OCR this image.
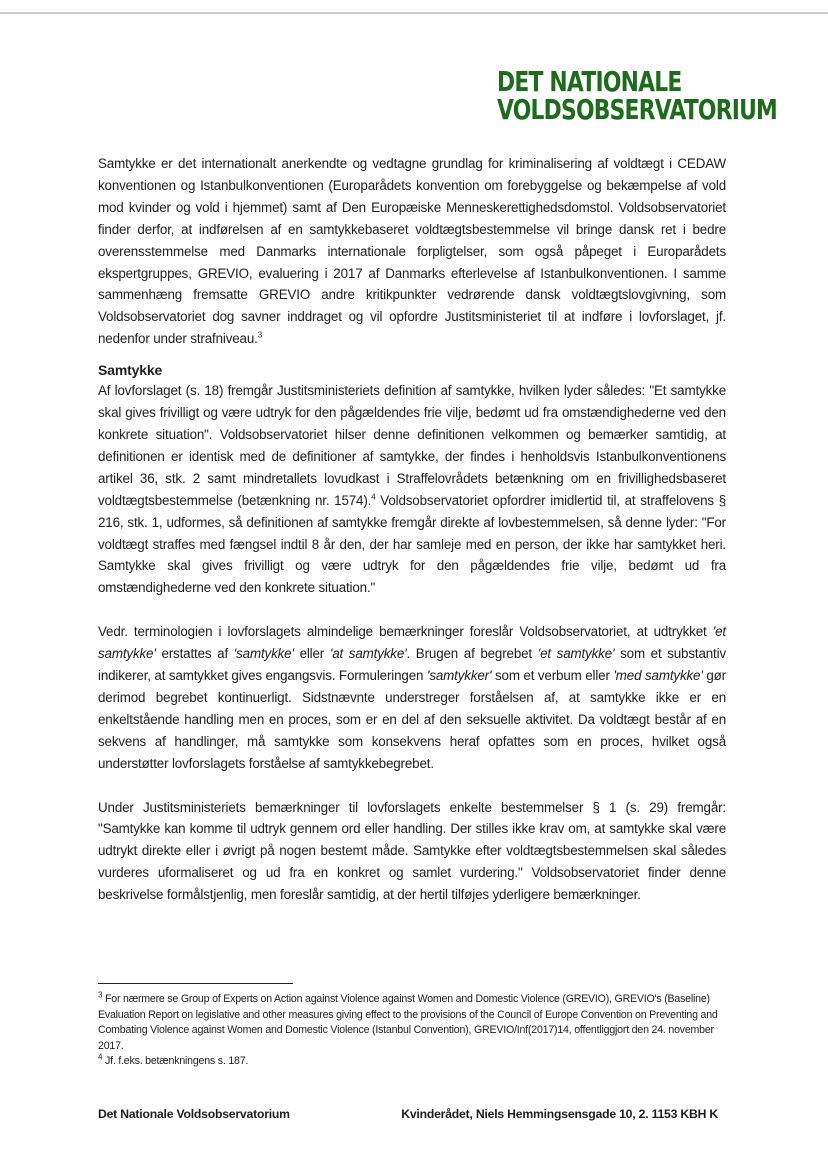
DET NATIONALE
VOLDSOBSERVATORIUM

Samtykke er det internationalt anerkendte og vedtagne grundlag for kriminalisering af voldtægt i CEDAW konventionen og Istanbulkonventionen (Europarådets konvention om forebyggelse og bekæmpelse af vold mod kvinder og vold i hjemmet) samt af Den Europæiske Menneskerettighedsdomstol. Voldsobservatoriet finder derfor, at indførelsen af en samtykkebaseret voldtægtsbestemmelse vil bringe dansk ret i bedre overensstemmelse med Danmarks internationale forpligtelser, som også påpeget i Europarådets ekspertgruppes, GREVIO, evaluering i 2017 af Danmarks efterlevelse af Istanbulkonventionen. I samme sammenhæng fremsatte GREVIO andre kritikpunkter vedrørende dansk voldtægtslovgivning, som Voldsobservatoriet dog savner inddraget og vil opfordre Justitsministeriet til at indføre i lovforslaget, jf. nedenfor under strafniveau.$^3$

Samtykke

Af lovforslaget (s. 18) fremgår Justitsministeriets definition af samtykke, hvilken lyder således: "Et samtykke skal gives frivilligt og være udtryk for den pågældendes frie vilje, bedømt ud fra omstændighederne ved den konkrete situation". Voldsobservatoriet hilser denne definitionen velkommen og bemærker samtidig, at definitionen er identisk med de definitioner af samtykke, der findes i henholdsvis Istanbulkonventionens artikel 36, stk. 2 samt mindretallets lovudkast i Straffelovrådets betænkning om en frivillighedsbaseret voldtægtsbestemmelse (betænkning nr. 1574).$^4$ Voldsobservatoriet opfordrer imidlertid til, at straffelovens § 216, stk. 1, udformes, så definitionen af samtykke fremgår direkte af lovbestemmelsen, så denne lyder: "For voldtægt straffes med fængsel indtil 8 år den, der har samleje med en person, der ikke har samtykket heri. Samtykke skal gives frivilligt og være udtryk for den pågældendes frie vilje, bedømt ud fra omstændighederne ved den konkrete situation."

Vedr. terminologien i lovforslagets almindelige bemærkninger foreslår Voldsobservatoriet, at udtrykket 'et samtykke' erstattes af 'samtykke' eller 'at samtykke'. Brugen af begrebet 'et samtykke' som et substantiv indikerer, at samtykket gives engangsvis. Formuleringen 'samtykker' som et verbum eller 'med samtykke' gør derimod begrebet kontinuerligt. Sidstnævnte understreger forståelsen af, at samtykke ikke er en enkeltstående handling men en proces, som er en del af den seksuelle aktivitet. Da voldtægt består af en sekvens af handlinger, må samtykke som konsekvens heraf opfattes som en proces, hvilket også understøtter lovforslagets forståelse af samtykkebegrebet.

Under Justitsministeriets bemærkninger til lovforslagets enkelte bestemmelser § 1 (s. 29) fremgår: "Samtykke kan komme til udtryk gennem ord eller handling. Der stilles ikke krav om, at samtykke skal være udtrykt direkte eller i øvrigt på nogen bestemt måde. Samtykke efter voldtægtsbestemmelsen skal således vurderes uformaliseret og ud fra en konkret og samlet vurdering." Voldsobservatoriet finder denne beskrivelse formålstjenlig, men foreslår samtidig, at der hertil tilføjes yderligere bemærkninger.

$^3$ For nærmere se Group of Experts on Action against Violence against Women and Domestic Violence (GREVIO), GREVIO's (Baseline) Evaluation Report on legislative and other measures giving effect to the provisions of the Council of Europe Convention on Preventing and Combating Violence against Women and Domestic Violence (Istanbul Convention), GREVIO/Inf(2017)14, offentliggjort den 24. november 2017.

$^4$ Jf. f.eks. betænkningens s. 187.

Det Nationale Voldsobservatorium	Kvinderådet, Niels Hemmingsensgade 10, 2. 1153 KBH K
